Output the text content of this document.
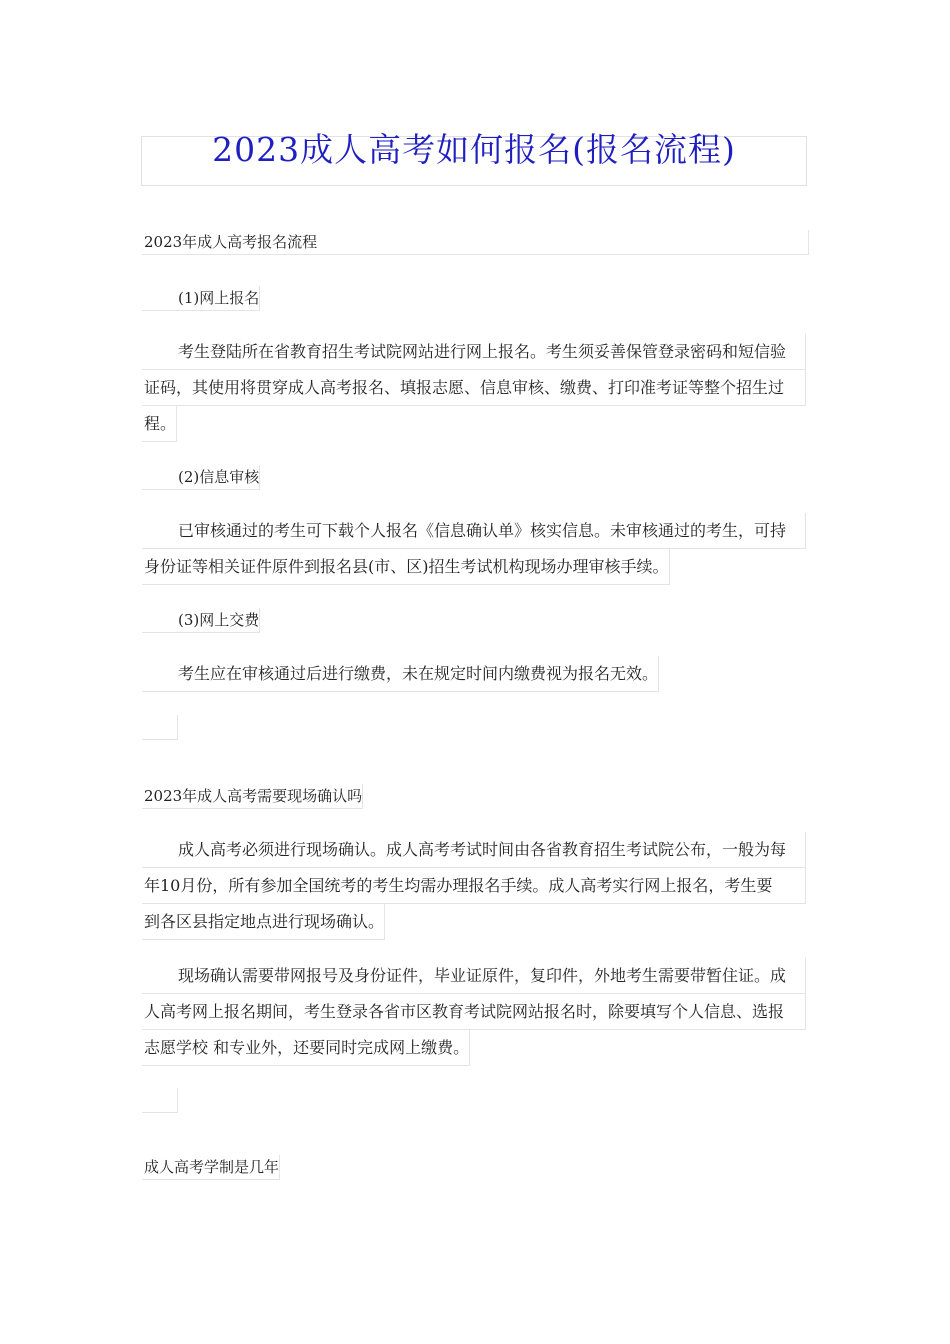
2023成人高考如何报名(报名流程)
2023年成人高考报名流程
(1)网上报名
考生登陆所在省教育招生考试院网站进行网上报名。考生须妥善保管登录密码和短信验
证码，其使用将贯穿成人高考报名、填报志愿、信息审核、缴费、打印准考证等整个招生过
程。
(2)信息审核
已审核通过的考生可下载个人报名《信息确认单》核实信息。未审核通过的考生，可持
身份证等相关证件原件到报名县(市、区)招生考试机构现场办理审核手续。
(3)网上交费
考生应在审核通过后进行缴费，未在规定时间内缴费视为报名无效。
2023年成人高考需要现场确认吗
成人高考必须进行现场确认。成人高考考试时间由各省教育招生考试院公布，一般为每
年10月份，所有参加全国统考的考生均需办理报名手续。成人高考实行网上报名，考生要
到各区县指定地点进行现场确认。
现场确认需要带网报号及身份证件，毕业证原件，复印件，外地考生需要带暂住证。成
人高考网上报名期间，考生登录各省市区教育考试院网站报名时，除要填写个人信息、选报
志愿学校 和专业外，还要同时完成网上缴费。
成人高考学制是几年
